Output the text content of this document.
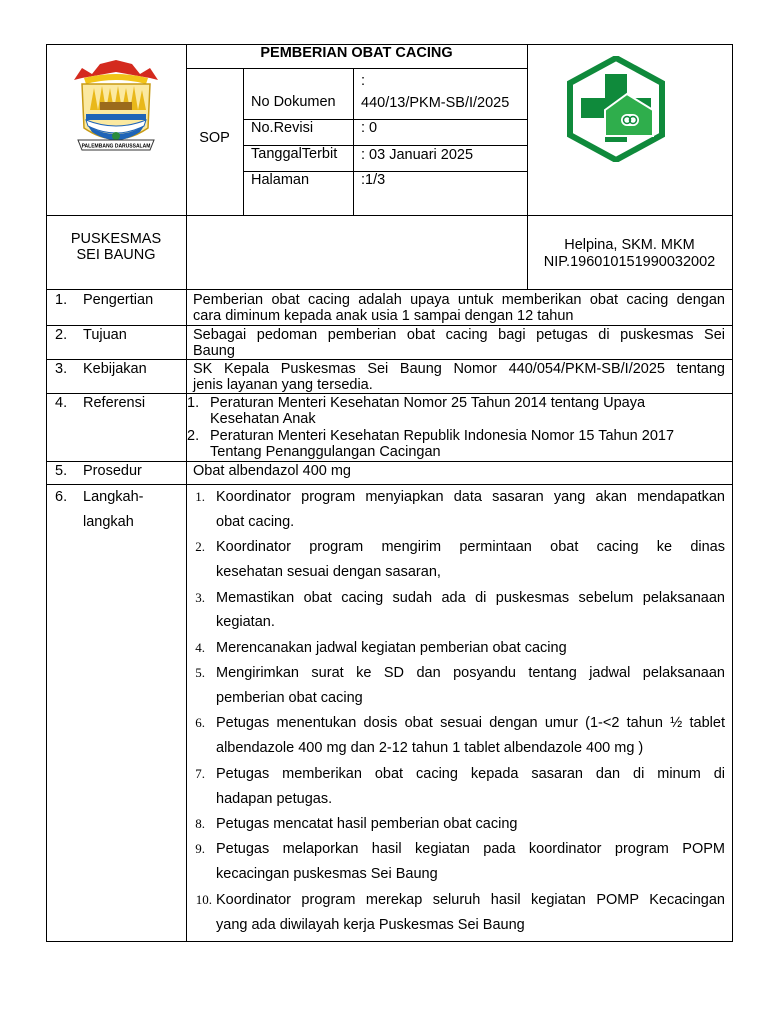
PALEMBANG DARUSSALAM
PEMBERIAN OBAT CACING
SOP
No Dokumen
:
440/13/PKM-SB/I/2025
No.Revisi	: 0
TanggalTerbit : 03 Januari 2025
Halaman	:1/3
PUSKESMAS
SEI BAUNG
Helpina, SKM. MKM
NIP.196010151990032002
1. Pengertian	Pemberian obat cacing adalah upaya untuk memberikan obat cacing dengan
cara diminum kepada anak usia 1 sampai dengan 12 tahun
2. Tujuan	Sebagai pedoman pemberian obat cacing bagi petugas di puskesmas Sei
Baung
3. Kebijakan	SK Kepala Puskesmas Sei Baung Nomor 440/054/PKM-SB/I/2025 tentang
jenis layanan yang tersedia.
4. Referensi	1. Peraturan Menteri Kesehatan Nomor 25 Tahun 2014 tentang Upaya
Kesehatan Anak
2. Peraturan Menteri Kesehatan Republik Indonesia Nomor 15 Tahun 2017
Tentang Penanggulangan Cacingan
5. Prosedur	Obat albendazol 400 mg
6. Langkah-
langkah
1. Koordinator program menyiapkan data sasaran yang akan mendapatkan
obat cacing.
2. Koordinator program mengirim permintaan obat cacing ke dinas
kesehatan sesuai dengan sasaran,
3. Memastikan obat cacing sudah ada di puskesmas sebelum pelaksanaan
kegiatan.
4. Merencanakan jadwal kegiatan pemberian obat cacing
5. Mengirimkan surat ke SD dan posyandu tentang jadwal pelaksanaan
pemberian obat cacing
6. Petugas menentukan dosis obat sesuai dengan umur (1-<2 tahun ½ tablet
albendazole 400 mg dan 2-12 tahun 1 tablet albendazole 400 mg )
7. Petugas memberikan obat cacing kepada sasaran dan di minum di
hadapan petugas.
8. Petugas mencatat hasil pemberian obat cacing
9. Petugas melaporkan hasil kegiatan pada koordinator program POPM
kecacingan puskesmas Sei Baung
10. Koordinator program merekap seluruh hasil kegiatan POMP Kecacingan
yang ada diwilayah kerja Puskesmas Sei Baung
